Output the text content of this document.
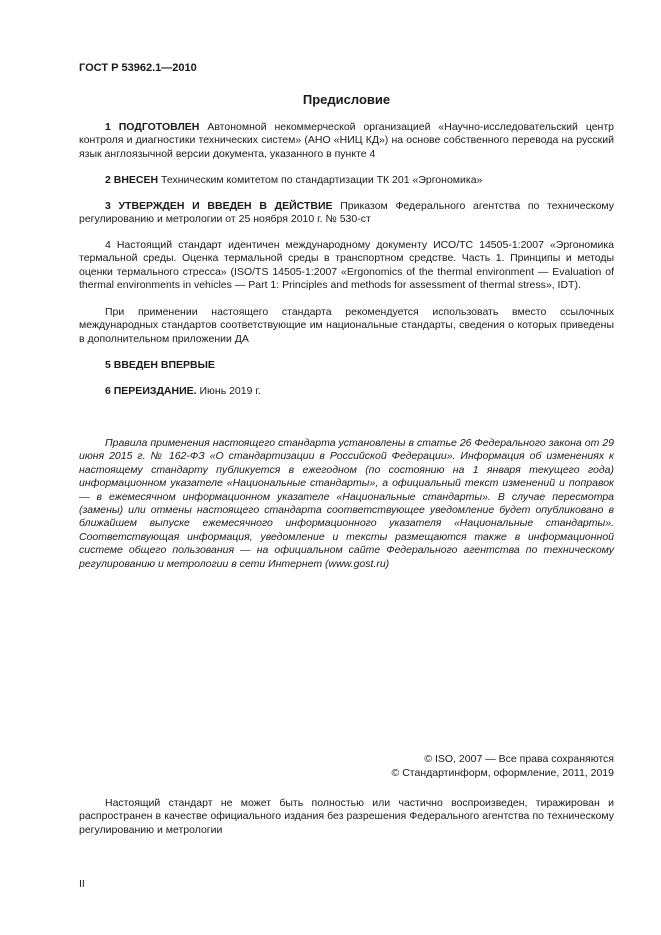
ГОСТ Р 53962.1—2010
Предисловие

1 ПОДГОТОВЛЕН Автономной некоммерческой организацией «Научно-исследовательский центр контроля и диагностики технических систем» (АНО «НИЦ КД») на основе собственного перевода на русский язык англоязычной версии документа, указанного в пункте 4

2 ВНЕСЕН Техническим комитетом по стандартизации ТК 201 «Эргономика»

3 УТВЕРЖДЕН И ВВЕДЕН В ДЕЙСТВИЕ Приказом Федерального агентства по техническому регулированию и метрологии от 25 ноября 2010 г. № 530-ст

4 Настоящий стандарт идентичен международному документу ИСО/ТС 14505-1:2007 «Эргономика термальной среды. Оценка термальной среды в транспортном средстве. Часть 1. Принципы и методы оценки термального стресса» (ISO/TS 14505-1:2007 «Ergonomics of the thermal environment — Evaluation of thermal environments in vehicles — Part 1: Principles and methods for assessment of thermal stress», IDT).

При применении настоящего стандарта рекомендуется использовать вместо ссылочных международных стандартов соответствующие им национальные стандарты, сведения о которых приведены в дополнительном приложении ДА

5 ВВЕДЕН ВПЕРВЫЕ

6 ПЕРЕИЗДАНИЕ. Июнь 2019 г.

Правила применения настоящего стандарта установлены в статье 26 Федерального закона от 29 июня 2015 г. № 162-ФЗ «О стандартизации в Российской Федерации». Информация об изменениях к настоящему стандарту публикуется в ежегодном (по состоянию на 1 января текущего года) информационном указателе «Национальные стандарты», а официальный текст изменений и поправок — в ежемесячном информационном указателе «Национальные стандарты». В случае пересмотра (замены) или отмены настоящего стандарта соответствующее уведомление будет опубликовано в ближайшем выпуске ежемесячного информационного указателя «Национальные стандарты». Соответствующая информация, уведомление и тексты размещаются также в информационной системе общего пользования — на официальном сайте Федерального агентства по техническому регулированию и метрологии в сети Интернет (www.gost.ru)

© ISO, 2007 — Все права сохраняются
© Стандартинформ, оформление, 2011, 2019

Настоящий стандарт не может быть полностью или частично воспроизведен, тиражирован и распространен в качестве официального издания без разрешения Федерального агентства по техническому регулированию и метрологии

II
